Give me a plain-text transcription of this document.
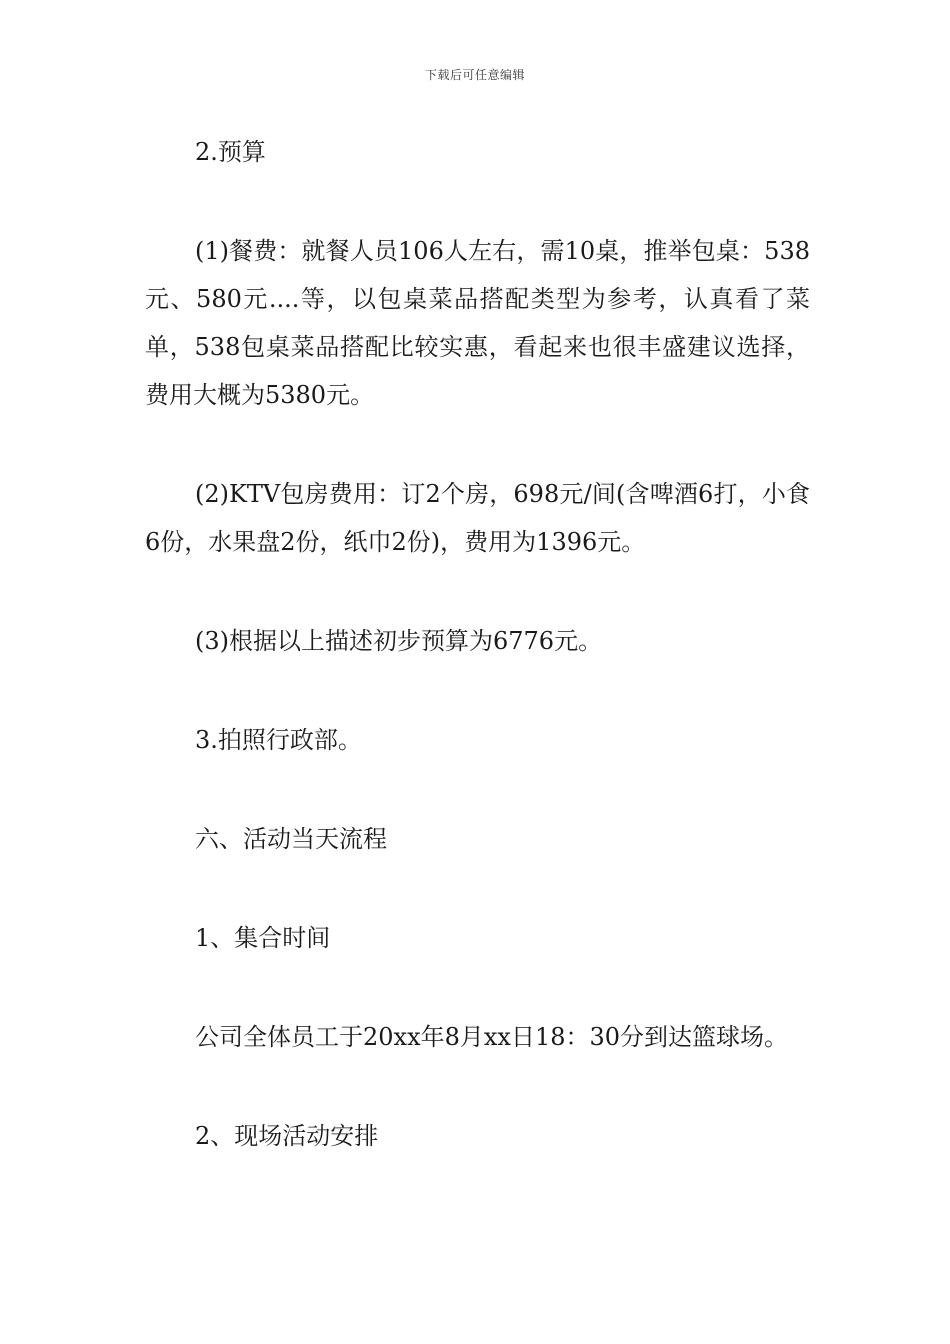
下载后可任意编辑

2.预算

(1)餐费：就餐人员106人左右，需10桌，推举包桌：538元、580元....等，以包桌菜品搭配类型为参考，认真看了菜单，538包桌菜品搭配比较实惠，看起来也很丰盛建议选择，费用大概为5380元。

(2)KTV包房费用：订2个房，698元/间(含啤酒6打，小食6份，水果盘2份，纸巾2份)，费用为1396元。

(3)根据以上描述初步预算为6776元。

3.拍照行政部。

六、活动当天流程

1、集合时间

公司全体员工于20xx年8月xx日18：30分到达篮球场。

2、现场活动安排
